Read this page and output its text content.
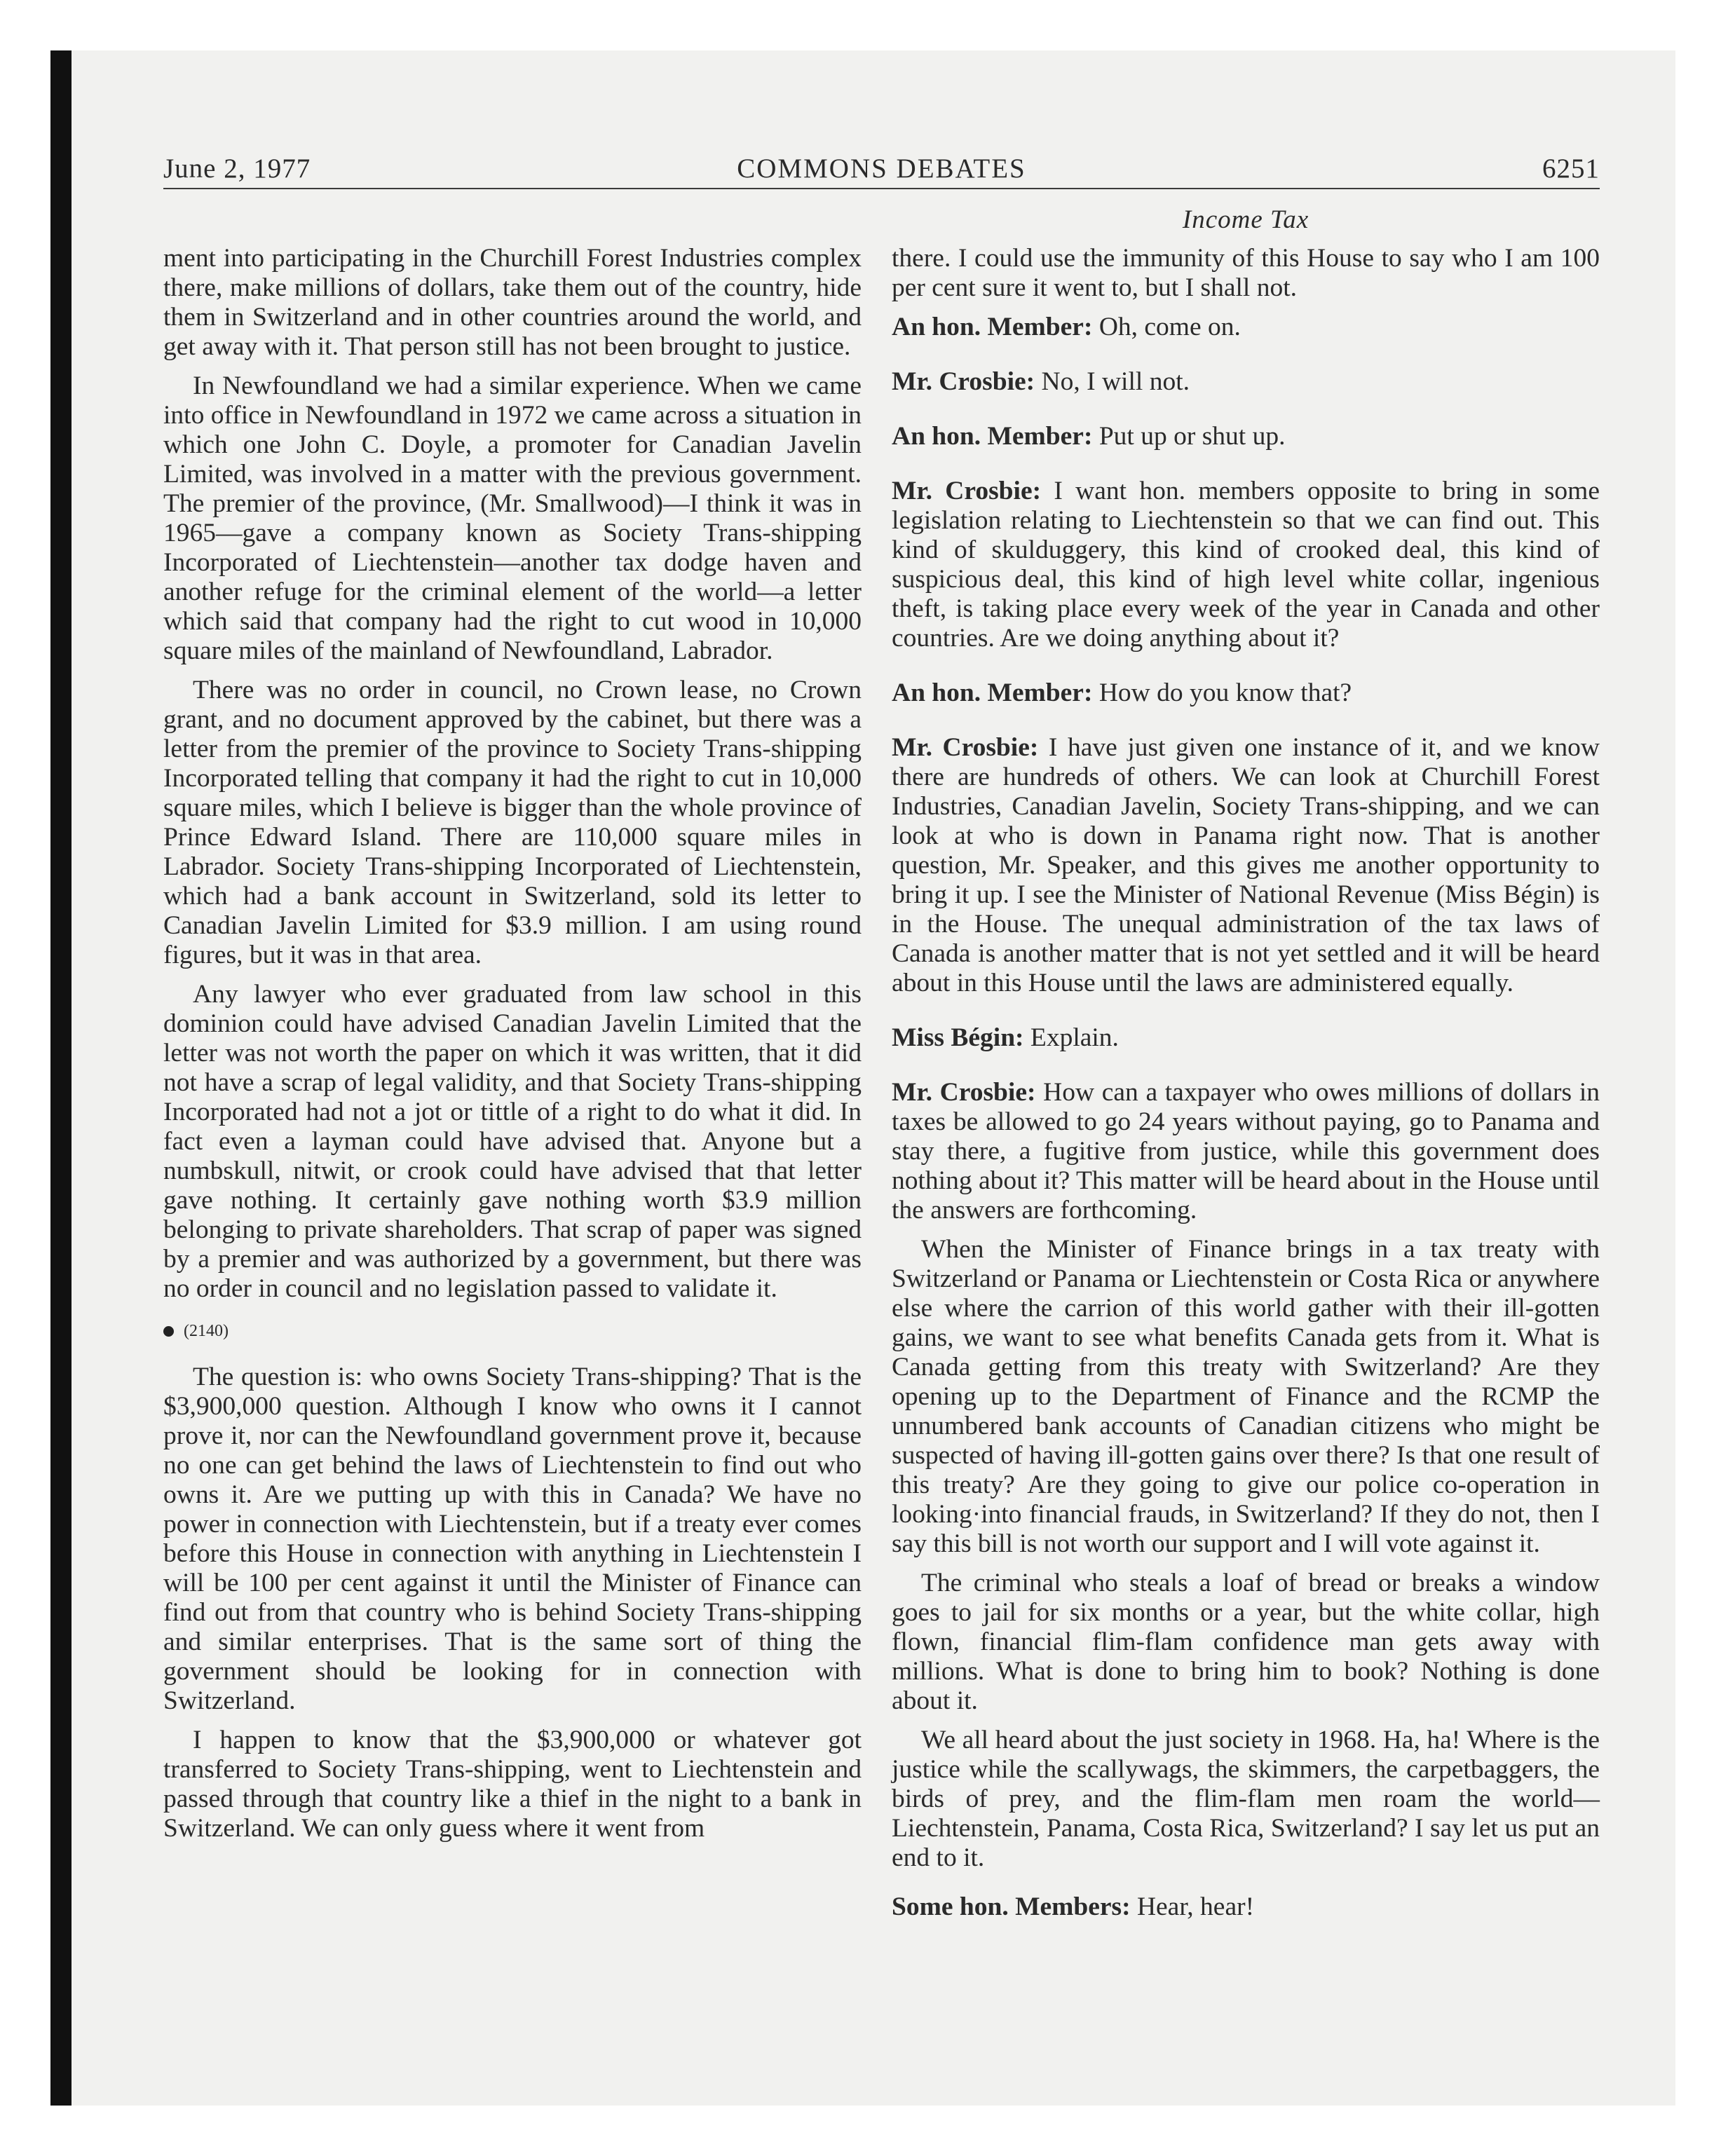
June 2, 1977	COMMONS DEBATES	6251
Income Tax

ment into participating in the Churchill Forest Industries complex there, make millions of dollars, take them out of the country, hide them in Switzerland and in other countries around the world, and get away with it. That person still has not been brought to justice.

In Newfoundland we had a similar experience. When we came into office in Newfoundland in 1972 we came across a situation in which one John C. Doyle, a promoter for Canadian Javelin Limited, was involved in a matter with the previous government. The premier of the province, (Mr. Smallwood)—I think it was in 1965—gave a company known as Society Trans-shipping Incorporated of Liechtenstein—another tax dodge haven and another refuge for the criminal element of the world—a letter which said that company had the right to cut wood in 10,000 square miles of the mainland of Newfoundland, Labrador.

There was no order in council, no Crown lease, no Crown grant, and no document approved by the cabinet, but there was a letter from the premier of the province to Society Trans-shipping Incorporated telling that company it had the right to cut in 10,000 square miles, which I believe is bigger than the whole province of Prince Edward Island. There are 110,000 square miles in Labrador. Society Trans-shipping Incorporated of Liechtenstein, which had a bank account in Switzerland, sold its letter to Canadian Javelin Limited for $3.9 million. I am using round figures, but it was in that area.

Any lawyer who ever graduated from law school in this dominion could have advised Canadian Javelin Limited that the letter was not worth the paper on which it was written, that it did not have a scrap of legal validity, and that Society Trans-shipping Incorporated had not a jot or tittle of a right to do what it did. In fact even a layman could have advised that. Anyone but a numbskull, nitwit, or crook could have advised that that letter gave nothing. It certainly gave nothing worth $3.9 million belonging to private shareholders. That scrap of paper was signed by a premier and was authorized by a government, but there was no order in council and no legislation passed to validate it.

(2140)

The question is: who owns Society Trans-shipping? That is the $3,900,000 question. Although I know who owns it I cannot prove it, nor can the Newfoundland government prove it, because no one can get behind the laws of Liechtenstein to find out who owns it. Are we putting up with this in Canada? We have no power in connection with Liechtenstein, but if a treaty ever comes before this House in connection with anything in Liechtenstein I will be 100 per cent against it until the Minister of Finance can find out from that country who is behind Society Trans-shipping and similar enterprises. That is the same sort of thing the government should be looking for in connection with Switzerland.

I happen to know that the $3,900,000 or whatever got transferred to Society Trans-shipping, went to Liechtenstein and passed through that country like a thief in the night to a bank in Switzerland. We can only guess where it went from

there. I could use the immunity of this House to say who I am 100 per cent sure it went to, but I shall not.

An hon. Member: Oh, come on.

Mr. Crosbie: No, I will not.

An hon. Member: Put up or shut up.

Mr. Crosbie: I want hon. members opposite to bring in some legislation relating to Liechtenstein so that we can find out. This kind of skulduggery, this kind of crooked deal, this kind of suspicious deal, this kind of high level white collar, ingenious theft, is taking place every week of the year in Canada and other countries. Are we doing anything about it?

An hon. Member: How do you know that?

Mr. Crosbie: I have just given one instance of it, and we know there are hundreds of others. We can look at Churchill Forest Industries, Canadian Javelin, Society Trans-shipping, and we can look at who is down in Panama right now. That is another question, Mr. Speaker, and this gives me another opportunity to bring it up. I see the Minister of National Revenue (Miss Bégin) is in the House. The unequal administration of the tax laws of Canada is another matter that is not yet settled and it will be heard about in this House until the laws are administered equally.

Miss Bégin: Explain.

Mr. Crosbie: How can a taxpayer who owes millions of dollars in taxes be allowed to go 24 years without paying, go to Panama and stay there, a fugitive from justice, while this government does nothing about it? This matter will be heard about in the House until the answers are forthcoming.

When the Minister of Finance brings in a tax treaty with Switzerland or Panama or Liechtenstein or Costa Rica or anywhere else where the carrion of this world gather with their ill-gotten gains, we want to see what benefits Canada gets from it. What is Canada getting from this treaty with Switzerland? Are they opening up to the Department of Finance and the RCMP the unnumbered bank accounts of Canadian citizens who might be suspected of having ill-gotten gains over there? Is that one result of this treaty? Are they going to give our police co-operation in looking·into financial frauds, in Switzerland? If they do not, then I say this bill is not worth our support and I will vote against it.

The criminal who steals a loaf of bread or breaks a window goes to jail for six months or a year, but the white collar, high flown, financial flim-flam confidence man gets away with millions. What is done to bring him to book? Nothing is done about it.

We all heard about the just society in 1968. Ha, ha! Where is the justice while the scallywags, the skimmers, the carpetbaggers, the birds of prey, and the flim-flam men roam the world—Liechtenstein, Panama, Costa Rica, Switzerland? I say let us put an end to it.

Some hon. Members: Hear, hear!
